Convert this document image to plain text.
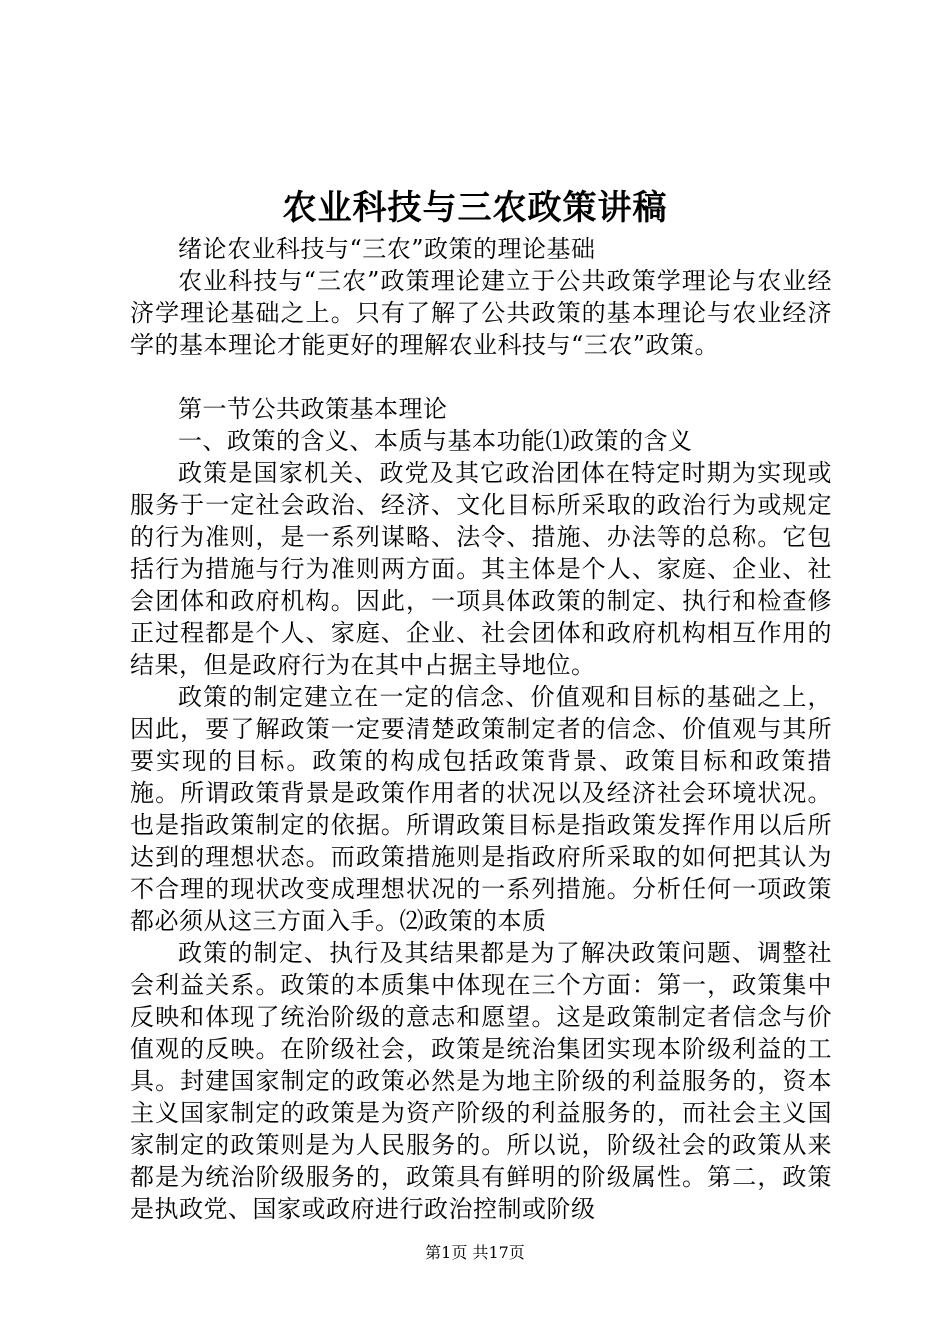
农业科技与三农政策讲稿

绪论农业科技与“三农”政策的理论基础

农业科技与“三农”政策理论建立于公共政策学理论与农业经济学理论基础之上。只有了解了公共政策的基本理论与农业经济学的基本理论才能更好的理解农业科技与“三农”政策。

第一节公共政策基本理论

一、政策的含义、本质与基本功能⑴政策的含义

政策是国家机关、政党及其它政治团体在特定时期为实现或服务于一定社会政治、经济、文化目标所采取的政治行为或规定的行为准则，是一系列谋略、法令、措施、办法等的总称。它包括行为措施与行为准则两方面。其主体是个人、家庭、企业、社会团体和政府机构。因此，一项具体政策的制定、执行和检查修正过程都是个人、家庭、企业、社会团体和政府机构相互作用的结果，但是政府行为在其中占据主导地位。

政策的制定建立在一定的信念、价值观和目标的基础之上，因此，要了解政策一定要清楚政策制定者的信念、价值观与其所要实现的目标。政策的构成包括政策背景、政策目标和政策措施。所谓政策背景是政策作用者的状况以及经济社会环境状况。也是指政策制定的依据。所谓政策目标是指政策发挥作用以后所达到的理想状态。而政策措施则是指政府所采取的如何把其认为不合理的现状改变成理想状况的一系列措施。分析任何一项政策都必须从这三方面入手。⑵政策的本质

政策的制定、执行及其结果都是为了解决政策问题、调整社会利益关系。政策的本质集中体现在三个方面：第一，政策集中反映和体现了统治阶级的意志和愿望。这是政策制定者信念与价值观的反映。在阶级社会，政策是统治集团实现本阶级利益的工具。封建国家制定的政策必然是为地主阶级的利益服务的，资本主义国家制定的政策是为资产阶级的利益服务的，而社会主义国家制定的政策则是为人民服务的。所以说，阶级社会的政策从来都是为统治阶级服务的，政策具有鲜明的阶级属性。第二，政策是执政党、国家或政府进行政治控制或阶级

第1页 共17页
